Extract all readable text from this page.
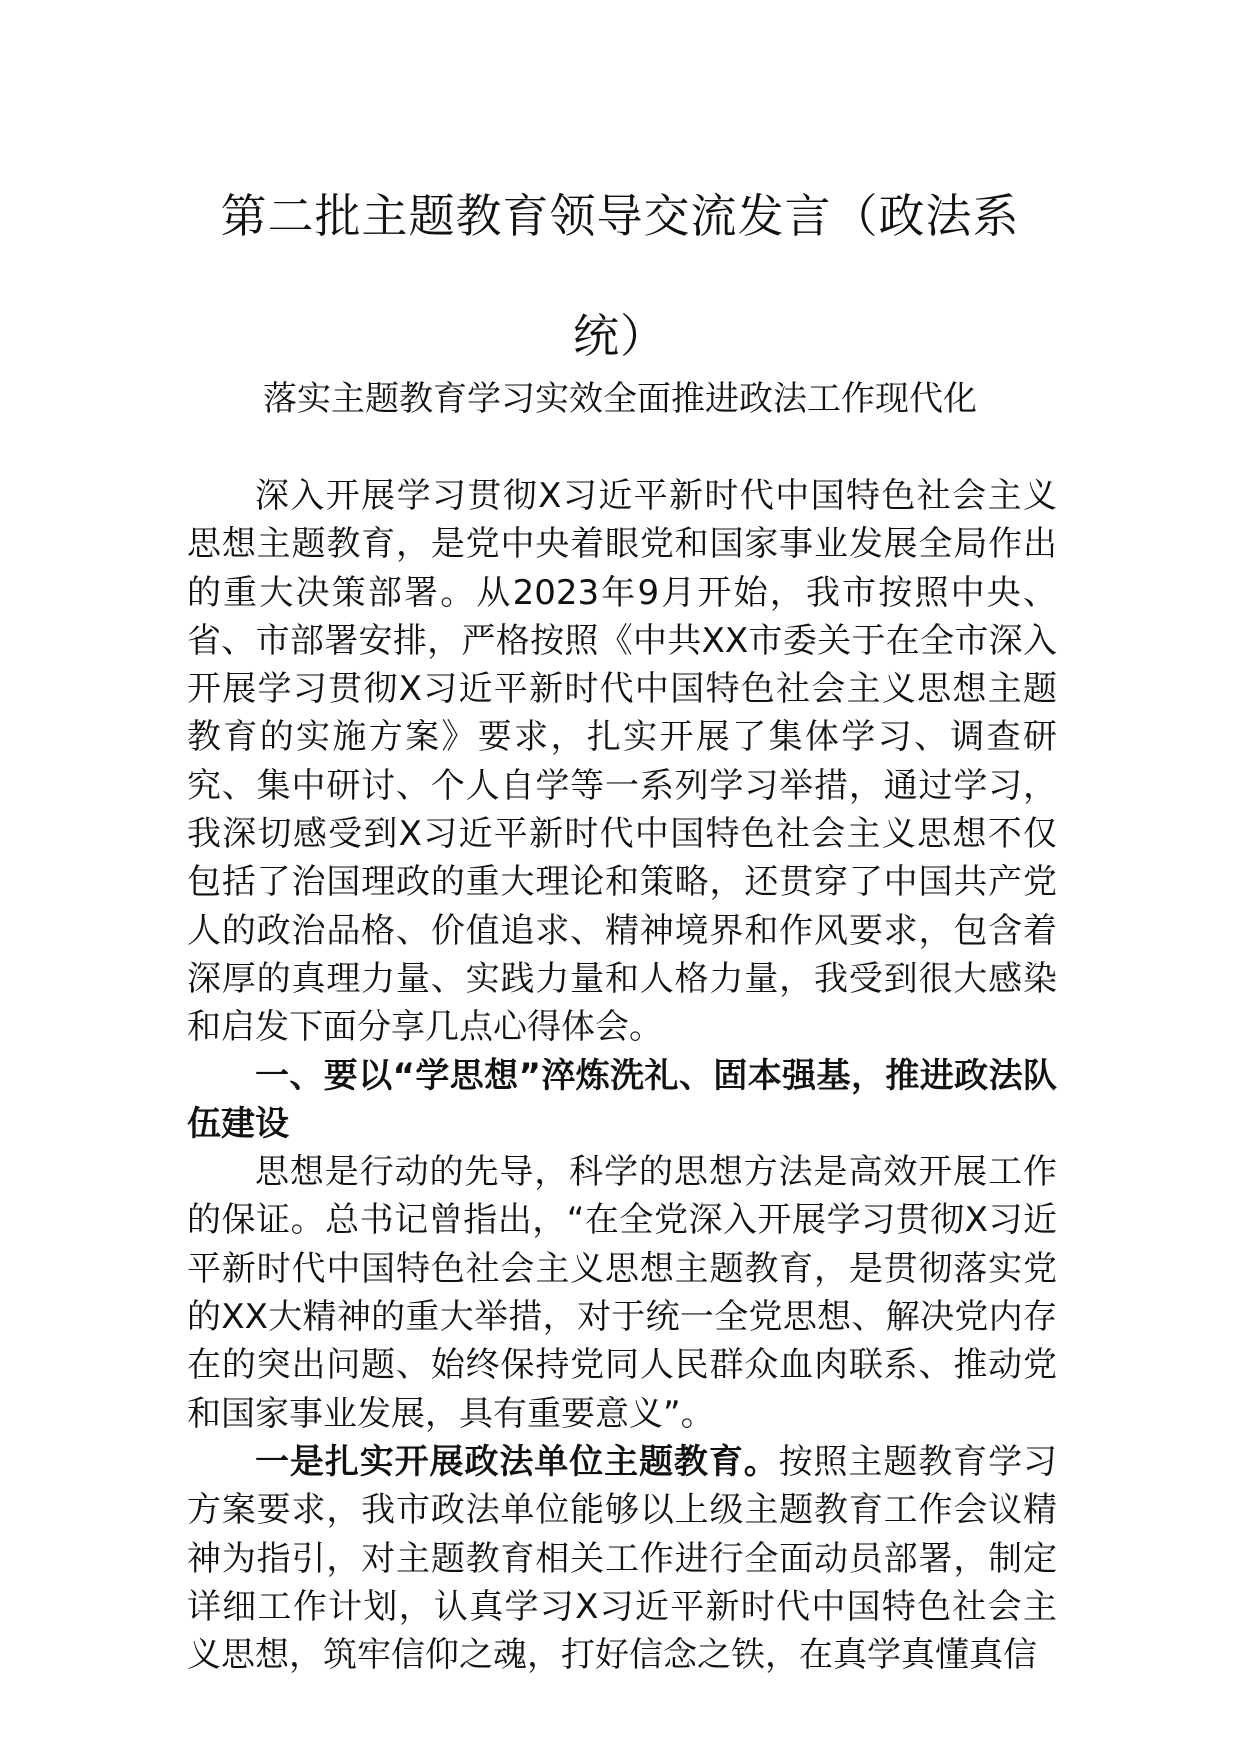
第二批主题教育领导交流发言（政法系
统）
落实主题教育学习实效全面推进政法工作现代化

深入开展学习贯彻X习近平新时代中国特色社会主义思想主题教育，是党中央着眼党和国家事业发展全局作出的重大决策部署。从2023年9月开始，我市按照中央、省、市部署安排，严格按照《中共XX市委关于在全市深入开展学习贯彻X习近平新时代中国特色社会主义思想主题教育的实施方案》要求，扎实开展了集体学习、调查研究、集中研讨、个人自学等一系列学习举措，通过学习，我深切感受到X习近平新时代中国特色社会主义思想不仅包括了治国理政的重大理论和策略，还贯穿了中国共产党人的政治品格、价值追求、精神境界和作风要求，包含着深厚的真理力量、实践力量和人格力量，我受到很大感染和启发下面分享几点心得体会。

一、要以“学思想”淬炼洗礼、固本强基，推进政法队伍建设

思想是行动的先导，科学的思想方法是高效开展工作的保证。总书记曾指出，“在全党深入开展学习贯彻X习近平新时代中国特色社会主义思想主题教育，是贯彻落实党的XX大精神的重大举措，对于统一全党思想、解决党内存在的突出问题、始终保持党同人民群众血肉联系、推动党和国家事业发展，具有重要意义”。

一是扎实开展政法单位主题教育。按照主题教育学习方案要求，我市政法单位能够以上级主题教育工作会议精神为指引，对主题教育相关工作进行全面动员部署，制定详细工作计划，认真学习X习近平新时代中国特色社会主义思想，筑牢信仰之魂，打好信念之铁，在真学真懂真信
